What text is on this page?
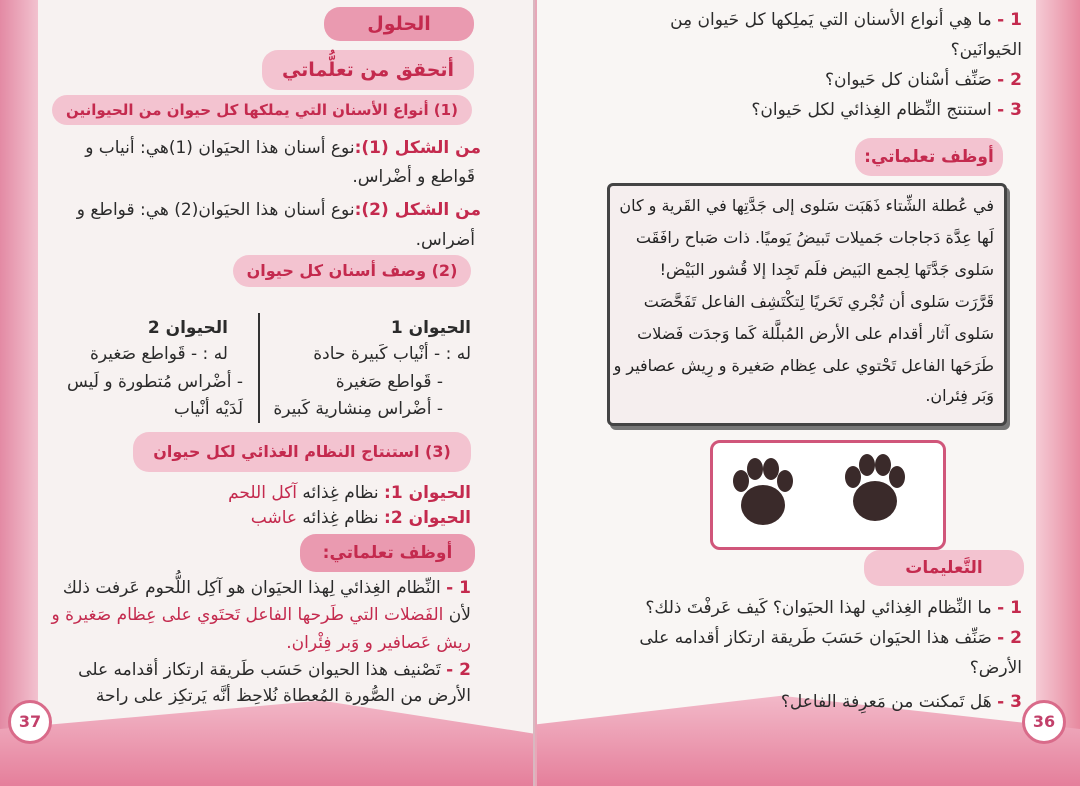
الحلول
أتحقق من تعلُّماتي
(1) أنواع الأسنان التي يملكها كل حيوان من الحيوانين
من الشكل (1):نوع أسنان هذا الحيَوان (1)هي: أنياب و
قَواطع و أضْراس.
من الشكل (2):نوع أسنان هذا الحيَوان(2) هي: قواطع و
أضراس.
(2) وصف أسنان كل حيوان
الحيوان 1
له : - أنْياب كَبيرة حادة
- قَواطع صَغيرة
- أضْراس مِنشارية كَبيرة
الحيوان 2
له : - قَواطع صَغيرة
- أضْراس مُتطورة و لَيس
لَدَيْه أنْياب
(3) استنتاج النظام الغذائي لكل حيوان
الحيوان 1: نظام غِذائه آكل اللحم
الحيوان 2: نظام غِذائه عاشب
أوظف تعلماتي:
1 - النِّظام الغِذائي لِهذا الحيَوان هو آكِل اللُّحوم عَرفت ذلك
لأن الفَضلات التي طَرحها الفاعل تَحتَوي على عِظام صَغيرة و
ريش عَصافير و وَبر فِئْران.
2 - تَصْنيف هذا الحيوان حَسَب طَريقة ارتكاز أقدامه على
الأرض من الصُّورة المُعطاة نُلاحِظ أنَّه يَرتكِز على راحة
37
1 - ما هِي أنواع الأسنان التي يَملِكها كل حَيوان مِن
الحَيوانَين؟
2 - صَنِّف أسْنان كل حَيوان؟
3 - استنتج النِّظام الغِذائي لكل حَيوان؟
أوظف تعلماتي:
في عُطلة الشِّتاء ذَهَبَت سَلوى إلى جَدَّتِها في القَرية و كان
لَها عِدَّة دَجاجات جَميلات تَبيضُ يَوميًا. ذات صَباح رافَقَت
سَلوى جَدَّتَها لِجمع البَيض فلَم تَجِدا إلا قُشور البَيْض!
قَرَّرَت سَلوى أن تُجْري تَحَريًا لِتكْتَشِف الفاعل تَفَحَّصَت
سَلوى آثار أقدام على الأرض المُبلَّلة كَما وَجدَت فَضلات
طَرَحَها الفاعل تَحْتوي على عِظام صَغيرة و رِيش عصافير و
وَبَر فِئران.
التَّعليمات
1 - ما النِّظام الغِذائي لهذا الحيَوان؟ كَيف عَرفْتَ ذلك؟
2 - صَنِّف هذا الحيَوان حَسَبَ طَريقة ارتكاز أقدامه على
الأرض؟
3 - هَل تَمكنت من مَعرِفة الفاعل؟
36
